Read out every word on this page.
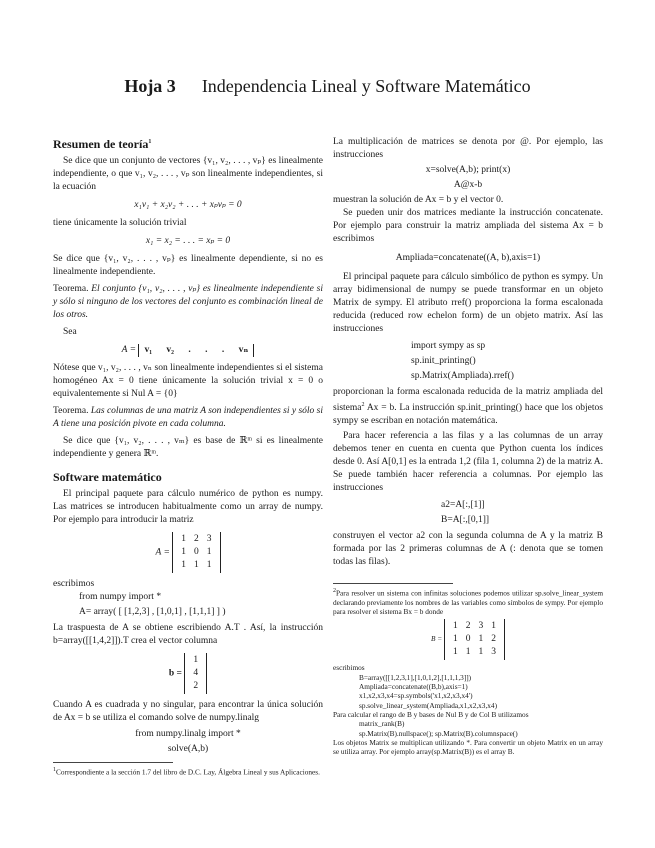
Hoja 3 Independencia Lineal y Software Matemático
Resumen de teoría$^1$

Se dice que un conjunto de vectores {v₁, v₂, . . . , vₚ} es linealmente independiente, o que v₁, v₂, . . . , vₚ son linealmente independientes, si la ecuación

x₁v₁ + x₂v₂ + . . . + xₚvₚ = 0

tiene únicamente la solución trivial

x₁ = x₂ = . . . = xₚ = 0

Se dice que {v₁, v₂, . . . , vₚ} es linealmente dependiente, si no es linealmente independiente.

Teorema. El conjunto {v₁, v₂, . . . , vₚ} es linealmente independiente si y sólo si ninguno de los vectores del conjunto es combinación lineal de los otros.

Sea

A = v₁ v₂ . . . vₙ

Nótese que v₁, v₂, . . . , vₙ son linealmente independientes si el sistema homogéneo Ax = 0 tiene únicamente la solución trivial x = 0 o equivalentemente si Nul A = {0}

Teorema. Las columnas de una matriz A son independientes si y sólo si A tiene una posición pivote en cada columna.

Se dice que {v₁, v₂, . . . , vₘ} es base de ℝᵐ si es linealmente independiente y genera ℝᵐ.

Software matemático

El principal paquete para cálculo numérico de python es numpy. Las matrices se introducen habitualmente como un array de numpy. Por ejemplo para introducir la matriz

A = 1	2	3
1	0	1
1	1	1

escribimos

from numpy import *
A= array( [ [1,2,3] , [1,0,1] , [1,1,1] ] )

La traspuesta de A se obtiene escribiendo A.T . Así, la instrucción b=array([[1,4,2]]).T crea el vector columna

b = 1
4
2

Cuando A es cuadrada y no singular, para encontrar la única solución de Ax = b se utiliza el comando solve de numpy.linalg

from numpy.linalg import *
solve(A,b)

$^1$Correspondiente a la sección 1.7 del libro de D.C. Lay, Álgebra Lineal y sus Aplicaciones.

La multiplicación de matrices se denota por @. Por ejemplo, las instrucciones

x=solve(A,b); print(x)
A@x-b

muestran la solución de Ax = b y el vector 0.

Se pueden unir dos matrices mediante la instrucción concatenate. Por ejemplo para construir la matriz ampliada del sistema Ax = b escribimos

Ampliada=concatenate((A, b),axis=1)

El principal paquete para cálculo simbólico de python es sympy. Un array bidimensional de numpy se puede transformar en un objeto Matrix de sympy. El atributo rref() proporciona la forma escalonada reducida (reduced row echelon form) de un objeto matrix. Así las instrucciones

import sympy as sp
sp.init_printing()
sp.Matrix(Ampliada).rref()

proporcionan la forma escalonada reducida de la matriz ampliada del sistema$^2$ Ax = b. La instrucción sp.init_printing() hace que los objetos sympy se escriban en notación matemática.

Para hacer referencia a las filas y a las columnas de un array debemos tener en cuenta en cuenta que Python cuenta los índices desde 0. Así A[0,1] es la entrada 1,2 (fila 1, columna 2) de la matriz A. Se puede también hacer referencia a columnas. Por ejemplo las instrucciones

a2=A[:,[1]]
B=A[:,[0,1]]

construyen el vector a2 con la segunda columna de A y la matriz B formada por las 2 primeras columnas de A (: denota que se tomen todas las filas).

$^2$Para resolver un sistema con infinitas soluciones podemos utilizar sp.solve_linear_system declarando previamente los nombres de las variables como símbolos de sympy. Por ejemplo para resolver el sistema Bx = b donde

B = 1	2	3	1
1	0	1	2
1	1	1	3

escribimos

B=array([[1,2,3,1],[1,0,1,2],[1,1,1,3]])
Ampliada=concatenate((B,b),axis=1)
x1,x2,x3,x4=sp.symbols('x1,x2,x3,x4')
sp.solve_linear_system(Ampliada,x1,x2,x3,x4)

Para calcular el rango de B y bases de Nul B y de Col B utilizamos

matrix_rank(B)
sp.Matrix(B).nullspace(); sp.Matrix(B).columnspace()

Los objetos Matrix se multiplican utilizando *. Para convertir un objeto Matrix en un array se utiliza array. Por ejemplo array(sp.Matrix(B)) es el array B.
